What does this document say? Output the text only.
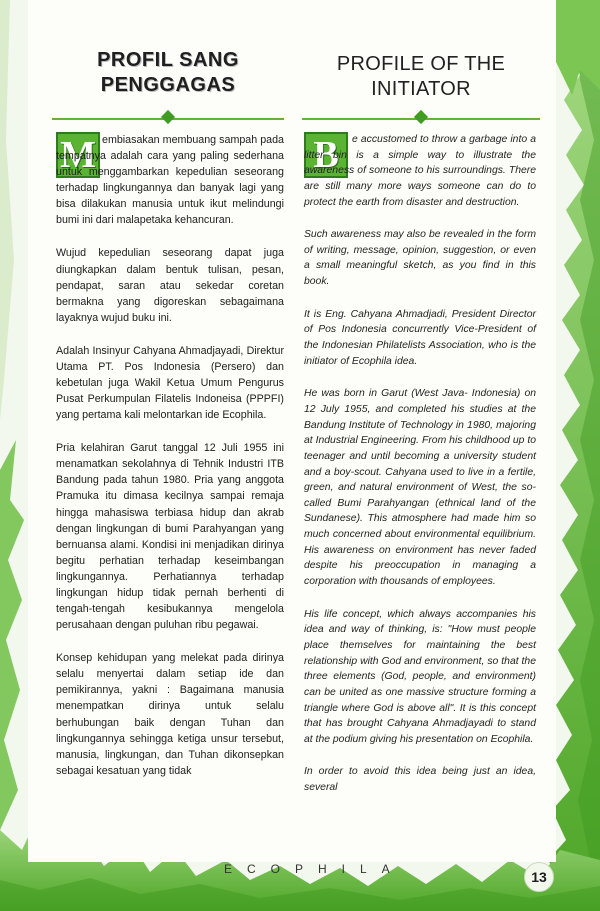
PROFIL SANG PENGGAGAS
M embiasakan membuang sampah pada tempatnya adalah cara yang paling sederhana untuk menggambarkan kepedulian seseorang terhadap lingkungannya dan banyak lagi yang bisa dilakukan manusia untuk ikut melindungi bumi ini dari malapetaka kehancuran.

Wujud kepedulian seseorang dapat juga diungkapkan dalam bentuk tulisan, pesan, pendapat, saran atau sekedar coretan bermakna yang digoreskan sebagaimana layaknya wujud buku ini.

Adalah Insinyur Cahyana Ahmadjayadi, Direktur Utama PT. Pos Indonesia (Persero) dan kebetulan juga Wakil Ketua Umum Pengurus Pusat Perkumpulan Filatelis Indoneisa (PPPFI) yang pertama kali melontarkan ide Ecophila.

Pria kelahiran Garut tanggal 12 Juli 1955 ini menamatkan sekolahnya di Tehnik Industri ITB Bandung pada tahun 1980. Pria yang anggota Pramuka itu dimasa kecilnya sampai remaja hingga mahasiswa terbiasa hidup dan akrab dengan lingkungan di bumi Parahyangan yang bernuansa alami. Kondisi ini menjadikan dirinya begitu perhatian terhadap keseimbangan lingkungannya. Perhatiannya terhadap lingkungan hidup tidak pernah berhenti di tengah-tengah kesibukannya mengelola perusahaan dengan puluhan ribu pegawai.

Konsep kehidupan yang melekat pada dirinya selalu menyertai dalam setiap ide dan pemikirannya, yakni : Bagaimana manusia menempatkan dirinya untuk selalu berhubungan baik dengan Tuhan dan lingkungannya sehingga ketiga unsur tersebut, manusia, lingkungan, dan Tuhan dikonsepkan sebagai kesatuan yang tidak

PROFILE OF THE INITIATOR
B	e accustomed to throw a garbage into a litter bin is a simple way to illustrate the awareness of someone to his surroundings. There are still many more ways someone can do to protect the earth from disaster and destruction.

Such awareness may also be revealed in the form of writing, message, opinion, suggestion, or even a small meaningful sketch, as you find in this book.

It is Eng. Cahyana Ahmadjadi, President Director of Pos Indonesia concurrently Vice-President of the Indonesian Philatelists Association, who is the initiator of Ecophila idea.

He was born in Garut (West Java- Indonesia) on 12 July 1955, and completed his studies at the Bandung Institute of Technology in 1980, majoring at Industrial Engineering. From his childhood up to teenager and until becoming a university student and a boy-scout. Cahyana used to live in a fertile, green, and natural environment of West, the so-called Bumi Parahyangan (ethnical land of the Sundanese). This atmosphere had made him so much concerned about environmental equilibrium. His awareness on environment has never faded despite his preoccupation in managing a corporation with thousands of employees.

His life concept, which always accompanies his idea and way of thinking, is: "How must people place themselves for maintaining the best relationship with God and environment, so that the three elements (God, people, and environment) can be united as one massive structure forming a triangle where God is above all". It is this concept that has brought Cahyana Ahmadjayadi to stand at the podium giving his presentation on Ecophila.

In order to avoid this idea being just an idea, several

ECOPHILA	13
